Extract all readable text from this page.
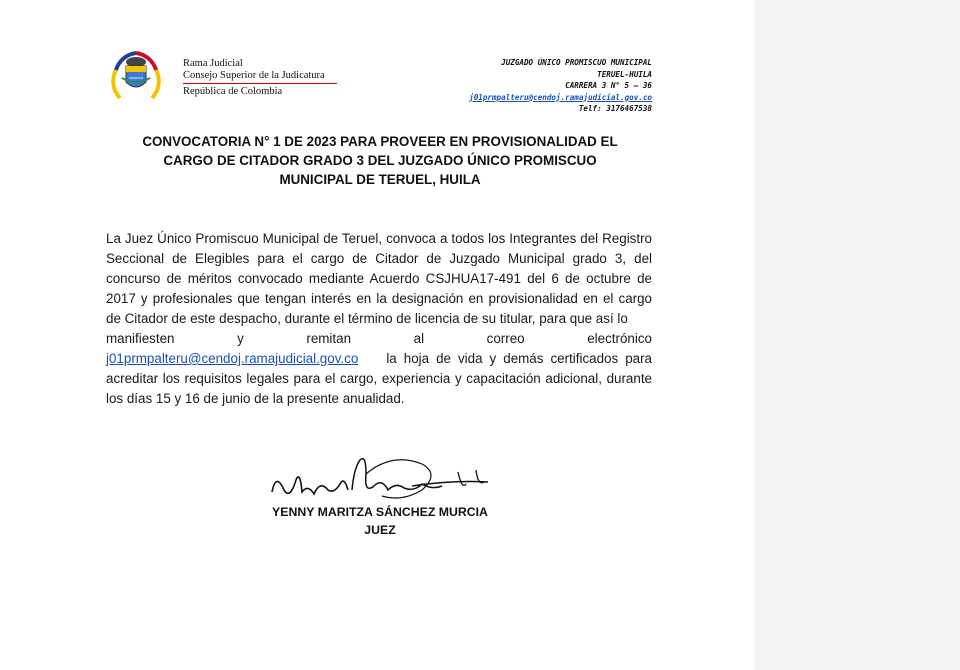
LIBERTAD
Rama Judicial
Consejo Superior de la Judicatura
República de Colombia
JUZGADO ÚNICO PROMISCUO MUNICIPAL
TERUEL-HUILA
CARRERA 3 N° 5 – 36
j01prmpalteru@cendoj.ramajudicial.gov.co
Telf: 3176467538
CONVOCATORIA N° 1 DE 2023 PARA PROVEER EN PROVISIONALIDAD EL
CARGO DE CITADOR GRADO 3 DEL JUZGADO ÚNICO PROMISCUO
MUNICIPAL DE TERUEL, HUILA
La Juez Único Promiscuo Municipal de Teruel, convoca a todos los Integrantes del Registro Seccional de Elegibles para el cargo de Citador de Juzgado Municipal grado 3, del concurso de méritos convocado mediante Acuerdo CSJHUA17-491 del 6 de octubre de 2017 y profesionales que tengan interés en la designación en provisionalidad en el cargo de Citador de este despacho, durante el término de licencia de su titular, para que así lo
manifiesten	y	remitan	al	correo	electrónico
j01prmpalteru@cendoj.ramajudicial.gov.co    la hoja de vida y demás certificados para acreditar los requisitos legales para el cargo, experiencia y capacitación adicional, durante los días 15 y 16 de junio de la presente anualidad.
YENNY MARITZA SÁNCHEZ MURCIA
JUEZ
